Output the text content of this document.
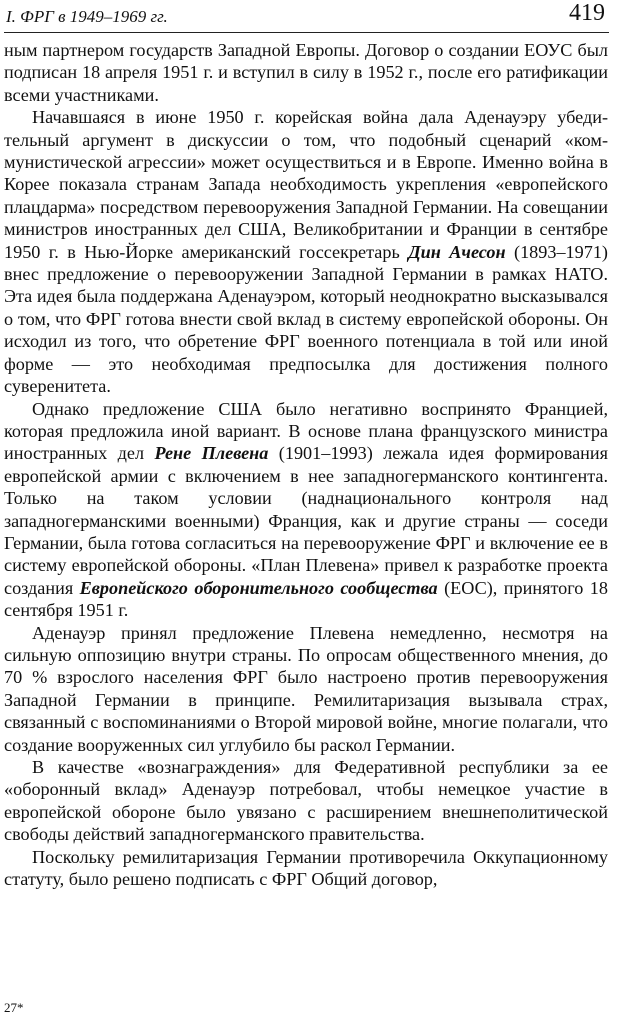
I. ФРГ в 1949–1969 гг.	419

ным партнером государств Западной Европы. Договор о создании ЕОУС был подписан 18 апреля 1951 г. и вступил в силу в 1952 г., после его ратификации всеми участниками.

Начавшаяся в июне 1950 г. корейская война дала Аденауэру убедительный аргумент в дискуссии о том, что подобный сценарий «коммунистической агрессии» может осуществиться и в Европе. Именно война в Корее показала странам Запада необходимость укрепления «европейского плацдарма» посредством перевооружения Западной Германии. На совещании министров иностранных дел США, Великобритании и Франции в сентябре 1950 г. в Нью-Йорке американский госсекретарь Дин Ачесон (1893–1971) внес предложение о перевооружении Западной Германии в рамках НАТО. Эта идея была поддержана Аденауэром, который неоднократно высказывался о том, что ФРГ готова внести свой вклад в систему европейской обороны. Он исходил из того, что обретение ФРГ военного потенциала в той или иной форме — это необходимая предпосылка для достижения полного суверенитета.

Однако предложение США было негативно воспринято Францией, которая предложила иной вариант. В основе плана французского министра иностранных дел Рене Плевена (1901–1993) лежала идея формирования европейской армии с включением в нее западногерманского контингента. Только на таком условии (наднационального контроля над западногерманскими военными) Франция, как и другие страны — соседи Германии, была готова согласиться на перевооружение ФРГ и включение ее в систему европейской обороны. «План Плевена» привел к разработке проекта создания Европейского оборонительного сообщества (ЕОС), принятого 18 сентября 1951 г.

Аденауэр принял предложение Плевена немедленно, несмотря на сильную оппозицию внутри страны. По опросам общественного мнения, до 70 % взрослого населения ФРГ было настроено против перевооружения Западной Германии в принципе. Ремилитаризация вызывала страх, связанный с воспоминаниями о Второй мировой войне, многие полагали, что создание вооруженных сил углубило бы раскол Германии.

В качестве «вознаграждения» для Федеративной республики за ее «оборонный вклад» Аденауэр потребовал, чтобы немецкое участие в европейской обороне было увязано с расширением внешнеполитической свободы действий западногерманского правительства.

Поскольку ремилитаризация Германии противоречила Оккупационному статуту, было решено подписать с ФРГ Общий договор,

27*
